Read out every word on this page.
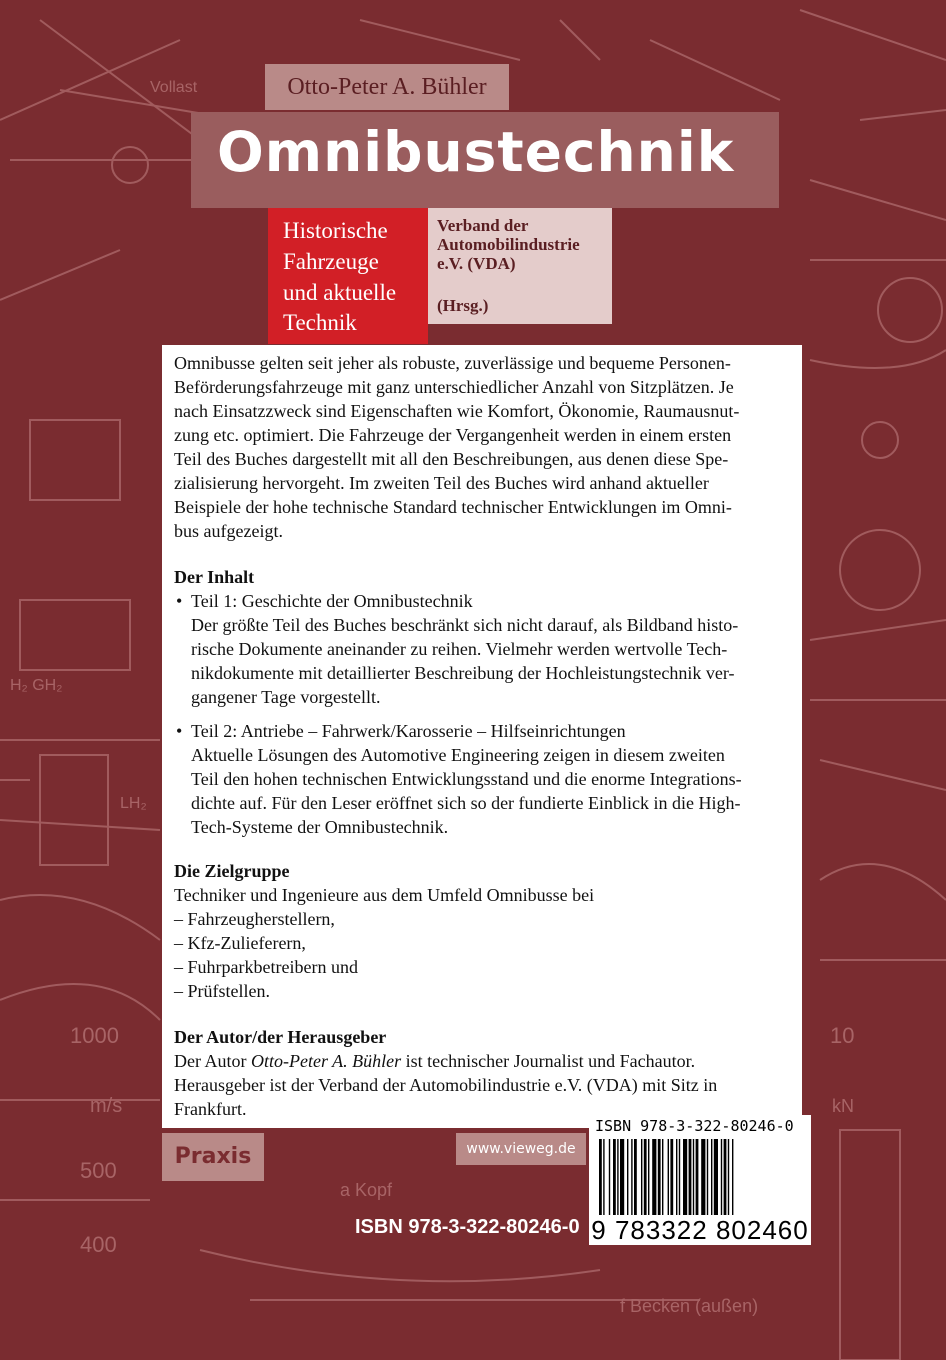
Vollast
H₂ GH₂
LH₂
1000
m/s
500
400
10
kN
a Kopf
f Becken (außen)
Otto-Peter A. Bühler
Omnibustechnik
Historische
Fahrzeuge
und aktuelle
Technik
Verband der
Automobilindustrie
e.V. (VDA)
(Hrsg.)
Omnibusse gelten seit jeher als robuste, zuverlässige und bequeme Personen-
Beförderungsfahrzeuge mit ganz unterschiedlicher Anzahl von Sitzplätzen. Je
nach Einsatzzweck sind Eigenschaften wie Komfort, Ökonomie, Raumausnut-
zung etc. optimiert. Die Fahrzeuge der Vergangenheit werden in einem ersten
Teil des Buches dargestellt mit all den Beschreibungen, aus denen diese Spe-
zialisierung hervorgeht. Im zweiten Teil des Buches wird anhand aktueller
Beispiele der hohe technische Standard technischer Entwicklungen im Omni-
bus aufgezeigt.
Der Inhalt
• Teil 1: Geschichte der Omnibustechnik
Der größte Teil des Buches beschränkt sich nicht darauf, als Bildband histo-
rische Dokumente aneinander zu reihen. Vielmehr werden wertvolle Tech-
nikdokumente mit detaillierter Beschreibung der Hochleistungstechnik ver-
gangener Tage vorgestellt.
• Teil 2: Antriebe – Fahrwerk/Karosserie – Hilfseinrichtungen
Aktuelle Lösungen des Automotive Engineering zeigen in diesem zweiten
Teil den hohen technischen Entwicklungsstand und die enorme Integrations-
dichte auf. Für den Leser eröffnet sich so der fundierte Einblick in die High-
Tech-Systeme der Omnibustechnik.
Die Zielgruppe
Techniker und Ingenieure aus dem Umfeld Omnibusse bei
– Fahrzeugherstellern,
– Kfz-Zulieferern,
– Fuhrparkbetreibern und
– Prüfstellen.
Der Autor/der Herausgeber
Der Autor Otto-Peter A. Bühler ist technischer Journalist und Fachautor.
Herausgeber ist der Verband der Automobilindustrie e.V. (VDA) mit Sitz in
Frankfurt.
Praxis	www.vieweg.de
ISBN 978-3-322-80246-0
ISBN 978-3-322-80246-0
9 783322 802460
